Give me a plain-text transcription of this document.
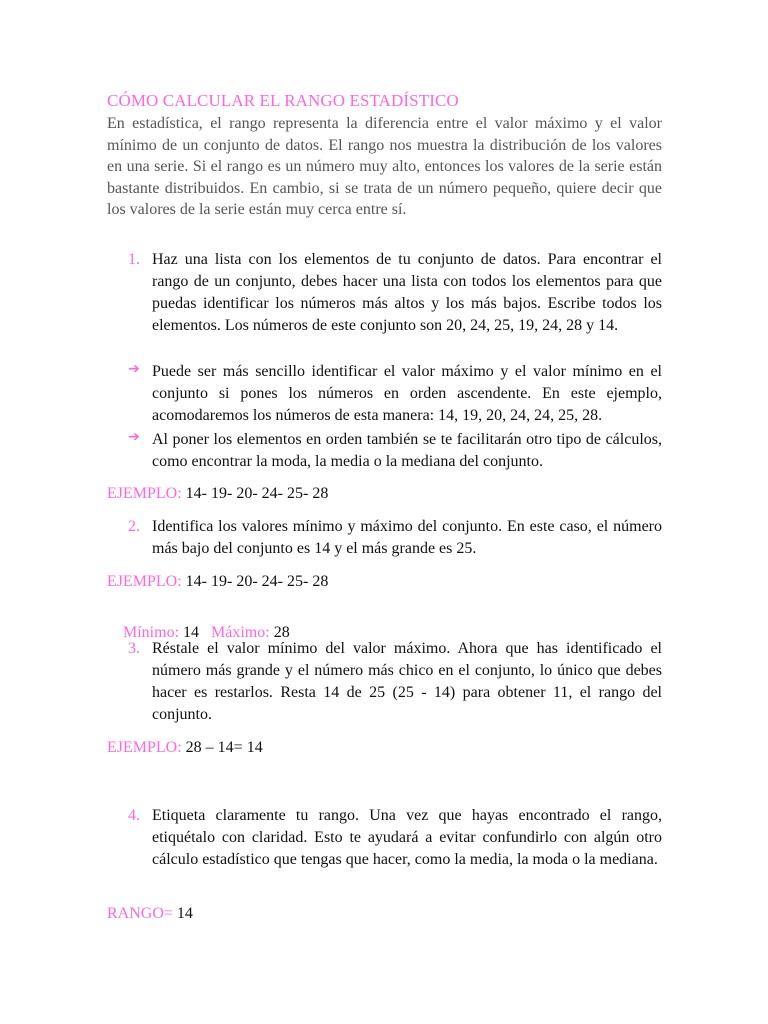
CÓMO CALCULAR EL RANGO ESTADÍSTICO
En estadística, el rango representa la diferencia entre el valor máximo y el valor mínimo de un conjunto de datos. El rango nos muestra la distribución de los valores en una serie. Si el rango es un número muy alto, entonces los valores de la serie están bastante distribuidos. En cambio, si se trata de un número pequeño, quiere decir que los valores de la serie están muy cerca entre sí.
1. Haz una lista con los elementos de tu conjunto de datos. Para encontrar el rango de un conjunto, debes hacer una lista con todos los elementos para que puedas identificar los números más altos y los más bajos. Escribe todos los elementos. Los números de este conjunto son 20, 24, 25, 19, 24, 28 y 14.
➔ Puede ser más sencillo identificar el valor máximo y el valor mínimo en el conjunto si pones los números en orden ascendente. En este ejemplo, acomodaremos los números de esta manera: 14, 19, 20, 24, 24, 25, 28.
➔ Al poner los elementos en orden también se te facilitarán otro tipo de cálculos, como encontrar la moda, la media o la mediana del conjunto.
EJEMPLO: 14- 19- 20- 24- 25- 28
2. Identifica los valores mínimo y máximo del conjunto. En este caso, el número más bajo del conjunto es 14 y el más grande es 25.
EJEMPLO: 14- 19- 20- 24- 25- 28

Mínimo: 14   Máximo: 28

3. Réstale el valor mínimo del valor máximo. Ahora que has identificado el número más grande y el número más chico en el conjunto, lo único que debes hacer es restarlos. Resta 14 de 25 (25 - 14) para obtener 11, el rango del conjunto.
EJEMPLO: 28 – 14= 14
4. Etiqueta claramente tu rango. Una vez que hayas encontrado el rango, etiquétalo con claridad. Esto te ayudará a evitar confundirlo con algún otro cálculo estadístico que tengas que hacer, como la media, la moda o la mediana.
RANGO= 14
